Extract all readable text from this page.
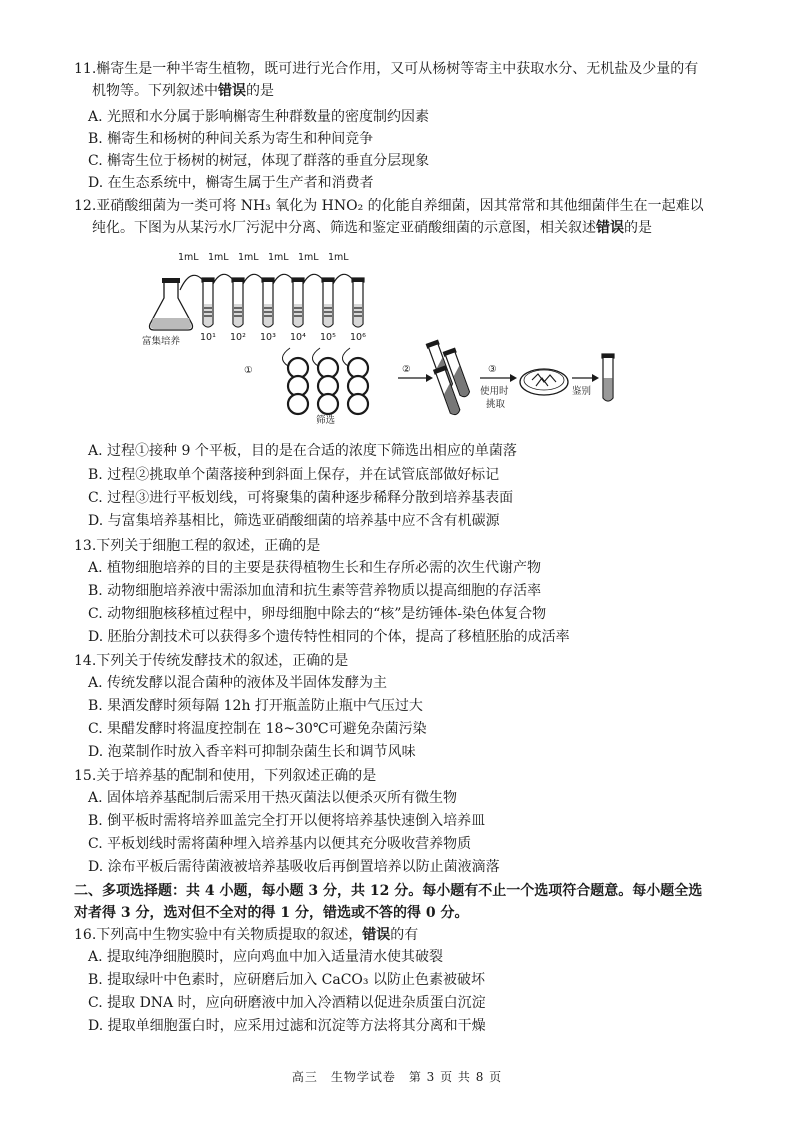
11.槲寄生是一种半寄生植物，既可进行光合作用，又可从杨树等寄主中获取水分、无机盐及少量的有
机物等。下列叙述中错误的是
A. 光照和水分属于影响槲寄生种群数量的密度制约因素
B. 槲寄生和杨树的种间关系为寄生和种间竞争
C. 槲寄生位于杨树的树冠，体现了群落的垂直分层现象
D. 在生态系统中，槲寄生属于生产者和消费者
12.亚硝酸细菌为一类可将 NH₃ 氧化为 HNO₂ 的化能自养细菌，因其常常和其他细菌伴生在一起难以
纯化。下图为从某污水厂污泥中分离、筛选和鉴定亚硝酸细菌的示意图，相关叙述错误的是
1mL 1mL 1mL 1mL 1mL 1mL
富集培养 10¹ 10² 10³ 10⁴ 10⁵ 10⁶
①
筛选
②	③
使用时
挑取
鉴别
A. 过程①接种 9 个平板，目的是在合适的浓度下筛选出相应的单菌落
B. 过程②挑取单个菌落接种到斜面上保存，并在试管底部做好标记
C. 过程③进行平板划线，可将聚集的菌种逐步稀释分散到培养基表面
D. 与富集培养基相比，筛选亚硝酸细菌的培养基中应不含有机碳源
13.下列关于细胞工程的叙述，正确的是
A. 植物细胞培养的目的主要是获得植物生长和生存所必需的次生代谢产物
B. 动物细胞培养液中需添加血清和抗生素等营养物质以提高细胞的存活率
C. 动物细胞核移植过程中，卵母细胞中除去的“核”是纺锤体-染色体复合物
D. 胚胎分割技术可以获得多个遗传特性相同的个体，提高了移植胚胎的成活率
14.下列关于传统发酵技术的叙述，正确的是
A. 传统发酵以混合菌种的液体及半固体发酵为主
B. 果酒发酵时须每隔 12h 打开瓶盖防止瓶中气压过大
C. 果醋发酵时将温度控制在 18~30℃可避免杂菌污染
D. 泡菜制作时放入香辛料可抑制杂菌生长和调节风味
15.关于培养基的配制和使用，下列叙述正确的是
A. 固体培养基配制后需采用干热灭菌法以便杀灭所有微生物
B. 倒平板时需将培养皿盖完全打开以便将培养基快速倒入培养皿
C. 平板划线时需将菌种埋入培养基内以便其充分吸收营养物质
D. 涂布平板后需待菌液被培养基吸收后再倒置培养以防止菌液滴落
二、多项选择题：共 4 小题，每小题 3 分，共 12 分。每小题有不止一个选项符合题意。每小题全选
对者得 3 分，选对但不全对的得 1 分，错选或不答的得 0 分。
16.下列高中生物实验中有关物质提取的叙述，错误的有
A. 提取纯净细胞膜时，应向鸡血中加入适量清水使其破裂
B. 提取绿叶中色素时，应研磨后加入 CaCO₃ 以防止色素被破坏
C. 提取 DNA 时，应向研磨液中加入冷酒精以促进杂质蛋白沉淀
D. 提取单细胞蛋白时，应采用过滤和沉淀等方法将其分离和干燥
高三　生物学试卷　第 3 页 共 8 页
